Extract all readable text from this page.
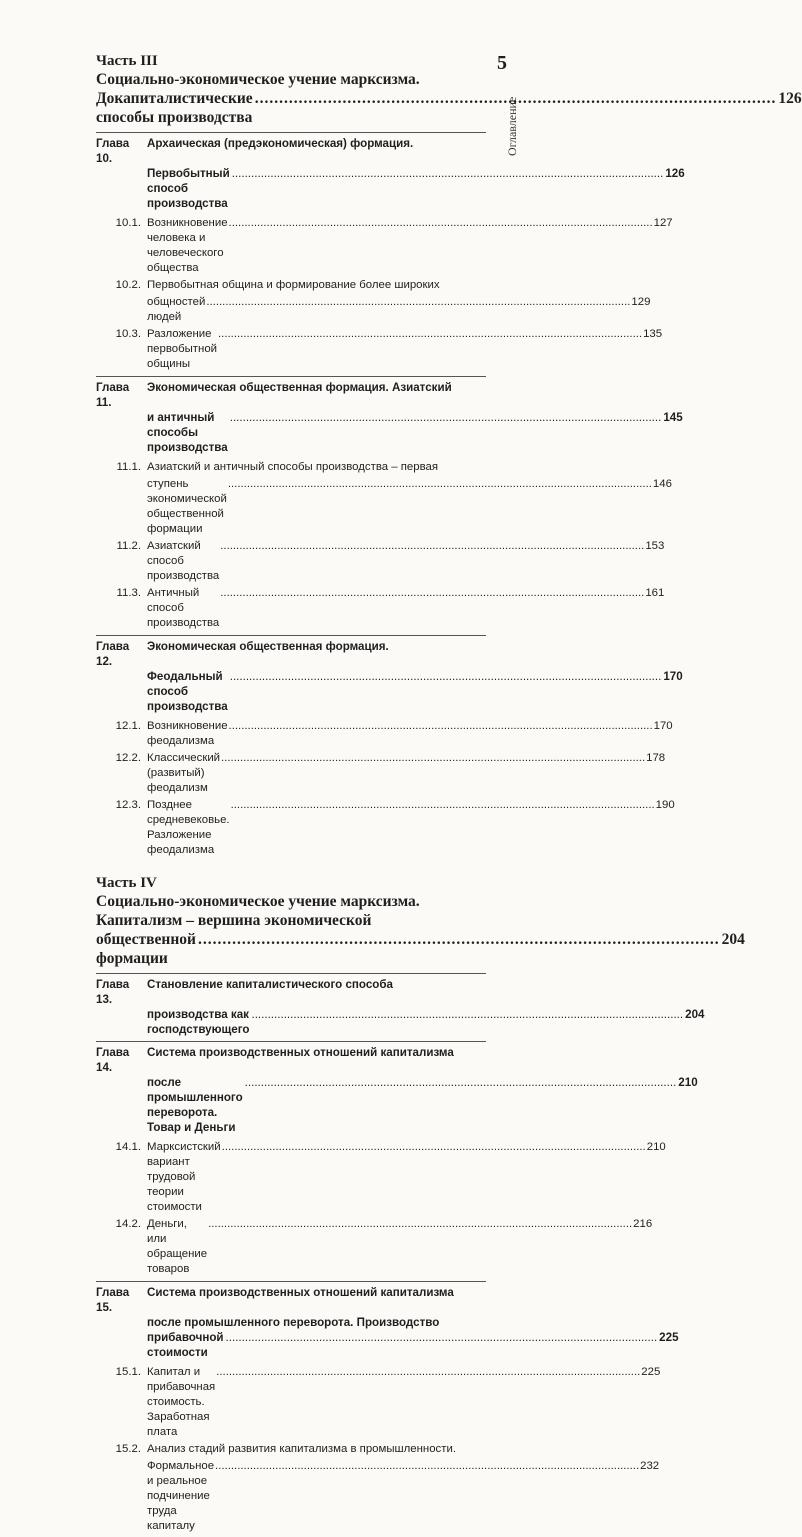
5
Оглавление
Часть III
Социально-экономическое учение марксизма.
Докапиталистические способы производства
.....
126
Глава 10.
Архаическая (предэкономическая) формация.
Первобытный способ производства
.....
126
10.1. Возникновение человека и человеческого общества
.....
127
10.2. Первобытная община и формирование более широких
общностей людей
.....
129
10.3. Разложение первобытной общины
.....
135
Глава 11.
Экономическая общественная формация. Азиатский
и античный способы производства
.....
145
11.1. Азиатский и античный способы производства – первая
ступень экономической общественной формации
.....
146
11.2. Азиатский способ производства
.....
153
11.3. Античный способ производства
.....
161
Глава 12.
Экономическая общественная формация.
Феодальный способ производства
.....
170
12.1. Возникновение феодализма
.....
170
12.2. Классический (развитый) феодализм
.....
178
12.3. Позднее средневековье. Разложение феодализма
.....
190
Часть IV
Социально-экономическое учение марксизма.
Капитализм – вершина экономической
общественной формации
.....
204
Глава 13.
Становление капиталистического способа
производства как господствующего
.....
204
Глава 14.
Система производственных отношений капитализма
после промышленного переворота. Товар и Деньги
.....
210
14.1. Марксистский вариант трудовой теории стоимости
.....
210
14.2. Деньги, или обращение товаров
.....
216
Глава 15.
Система производственных отношений капитализма
после промышленного переворота. Производство
прибавочной стоимости
.....
225
15.1. Капитал и прибавочная стоимость. Заработная плата
.....
225
15.2. Анализ стадий развития капитализма в промышленности.
Формальное и реальное подчинение труда капиталу
.....
232
